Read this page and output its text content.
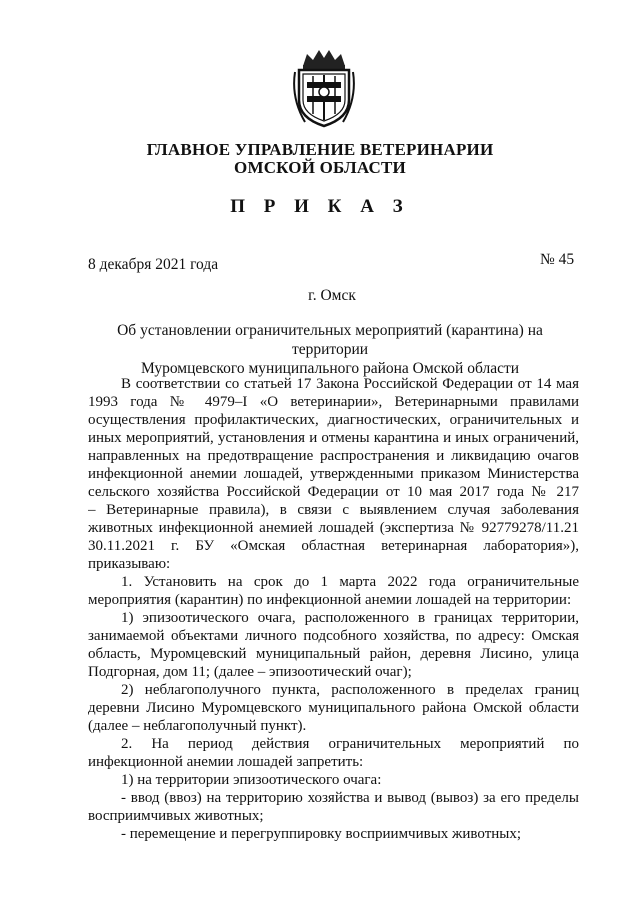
ГЛАВНОЕ УПРАВЛЕНИЕ ВЕТЕРИНАРИИ
ОМСКОЙ ОБЛАСТИ
П Р И К А З
8 декабря 2021 года	№ 45
г. Омск
Об установлении ограничительных мероприятий (карантина) на территории
Муромцевского муниципального района Омской области
В соответствии со статьей 17 Закона Российской Федерации от 14 мая
1993 года № 4979–I «О ветеринарии», Ветеринарными правилами
осуществления профилактических, диагностических, ограничительных и
иных мероприятий, установления и отмены карантина и иных ограничений,
направленных на предотвращение распространения и ликвидацию очагов
инфекционной анемии лошадей, утвержденными приказом Министерства
сельского хозяйства Российской Федерации от 10 мая 2017 года № 217
– Ветеринарные правила), в связи с выявлением случая заболевания
животных инфекционной анемией лошадей (экспертиза № 92779278/11.21
30.11.2021 г. БУ «Омская областная ветеринарная лаборатория»),
приказываю:
1. Установить на срок до 1 марта 2022 года ограничительные
мероприятия (карантин) по инфекционной анемии лошадей на территории:
1) эпизоотического очага, расположенного в границах территории,
занимаемой объектами личного подсобного хозяйства, по адресу: Омская
область, Муромцевский муниципальный район, деревня Лисино, улица
Подгорная, дом 11; (далее – эпизоотический очаг);
2) неблагополучного пункта, расположенного в пределах границ
деревни Лисино Муромцевского муниципального района Омской области
(далее – неблагополучный пункт).
2. На период действия ограничительных мероприятий по
инфекционной анемии лошадей запретить:
1) на территории эпизоотического очага:
- ввод (ввоз) на территорию хозяйства и вывод (вывоз) за его пределы
восприимчивых животных;
- перемещение и перегруппировку восприимчивых животных;
